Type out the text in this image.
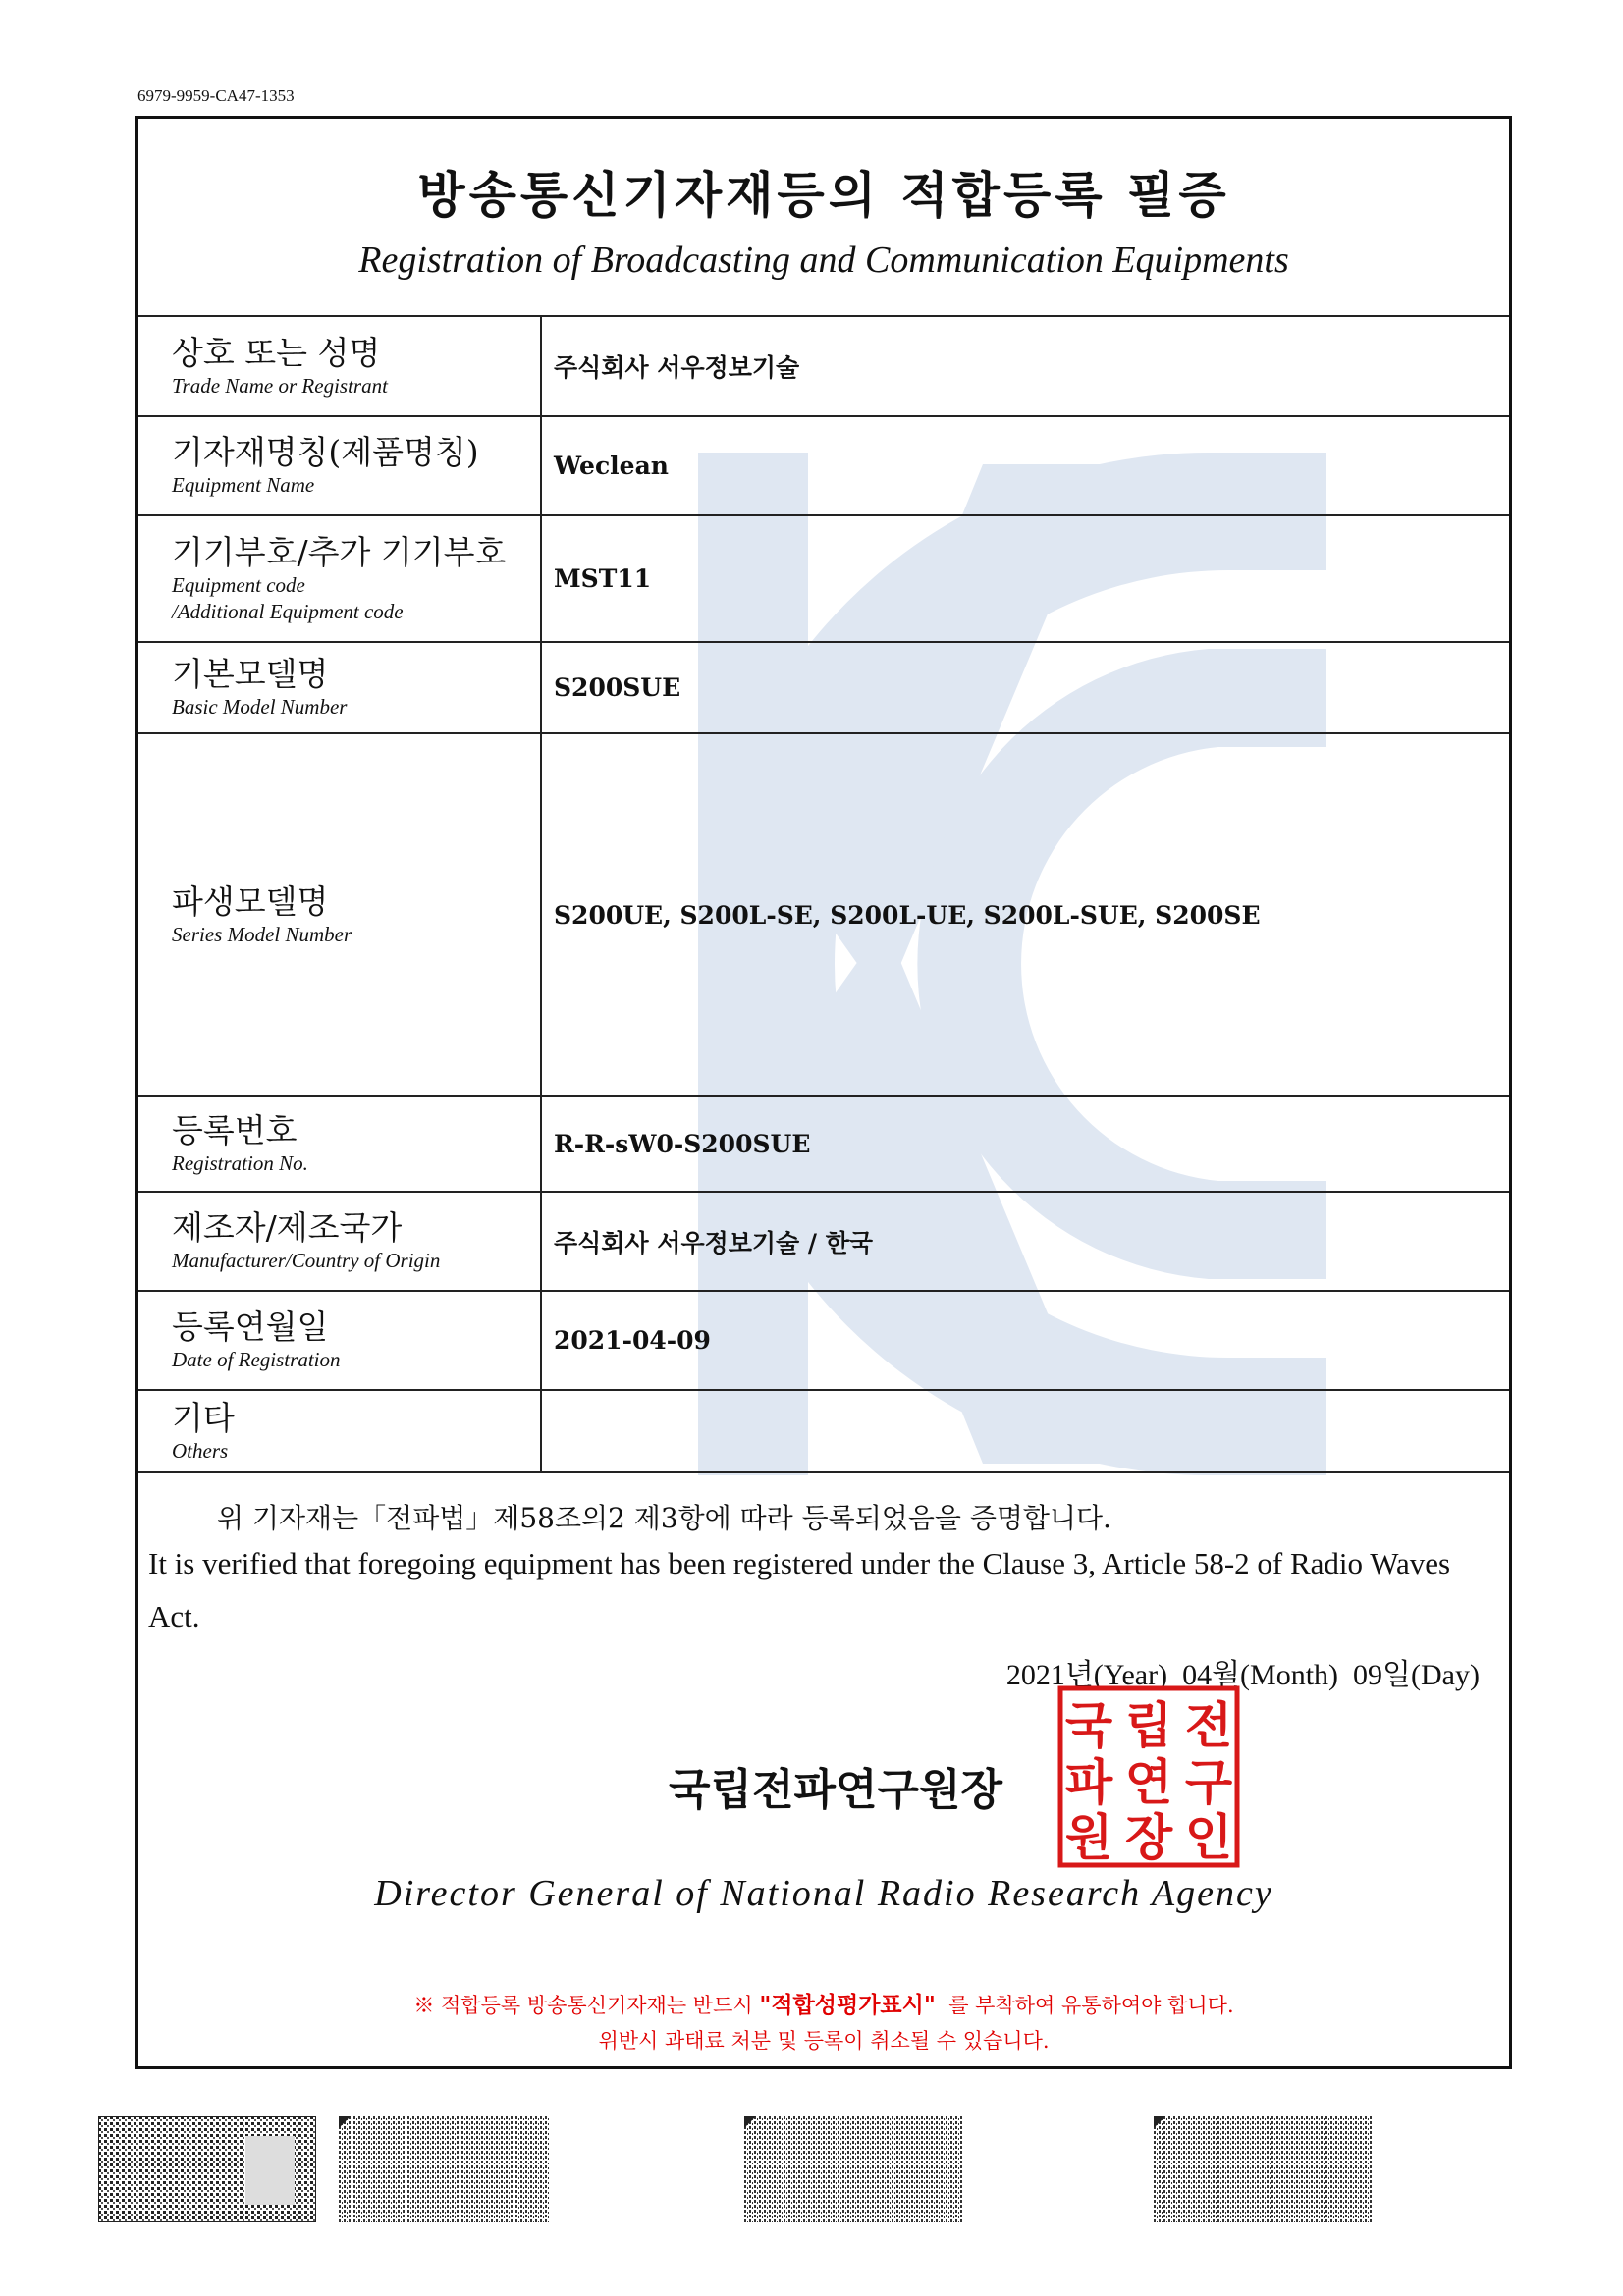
6979-9959-CA47-1353
방송통신기자재등의 적합등록 필증
Registration of Broadcasting and Communication Equipments
상호 또는 성명
Trade Name or Registrant	주식회사 서우정보기술

기자재명칭(제품명칭)
Equipment Name	Weclean

기기부호/추가 기기부호
Equipment code
/Additional Equipment code	MST11

기본모델명
Basic Model Number	S200SUE

파생모델명
Series Model Number	S200UE, S200L-SE, S200L-UE, S200L-SUE, S200SE

등록번호
Registration No.	R-R-sW0-S200SUE

제조자/제조국가
Manufacturer/Country of Origin	주식회사 서우정보기술 / 한국

등록연월일
Date of Registration	2021-04-09

기타
Others	

위 기자재는「전파법」제58조의2 제3항에 따라 등록되었음을 증명합니다.
It is verified that foregoing equipment has been registered under the Clause 3, Article 58-2 of Radio Waves Act.
2021년(Year) 04월(Month) 09일(Day)
국립전파연구원장
전
구
인
립
연
장
국
파
원
Director General of National Radio Research Agency
※ 적합등록 방송통신기자재는 반드시 "적합성평가표시" 를 부착하여 유통하여야 합니다.
위반시 과태료 처분 및 등록이 취소될 수 있습니다.
